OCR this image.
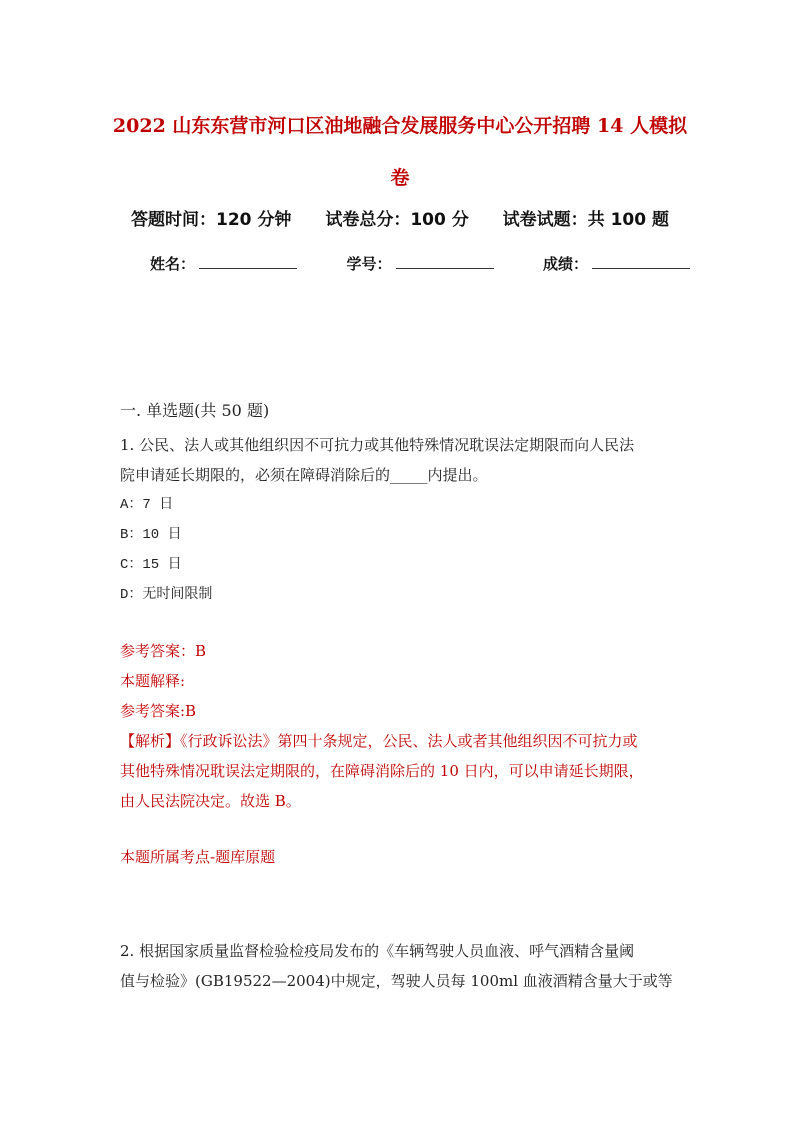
2022 山东东营市河口区油地融合发展服务中心公开招聘 14 人模拟
卷
答题时间：120 分钟 试卷总分：100 分 试卷试题：共 100 题
姓名：	学号：	成绩：
一. 单选题(共 50 题)
1. 公民、法人或其他组织因不可抗力或其他特殊情况耽误法定期限而向人民法
院申请延长期限的，必须在障碍消除后的_____内提出。
A：7 日
B：10 日
C：15 日
D：无时间限制
参考答案：B
本题解释:
参考答案:B
【解析】《行政诉讼法》第四十条规定，公民、法人或者其他组织因不可抗力或
其他特殊情况耽误法定期限的，在障碍消除后的 10 日内，可以申请延长期限，
由人民法院决定。故选 B。
本题所属考点-题库原题
2. 根据国家质量监督检验检疫局发布的《车辆驾驶人员血液、呼气酒精含量阈
值与检验》(GB19522—2004)中规定，驾驶人员每 100ml 血液酒精含量大于或等
